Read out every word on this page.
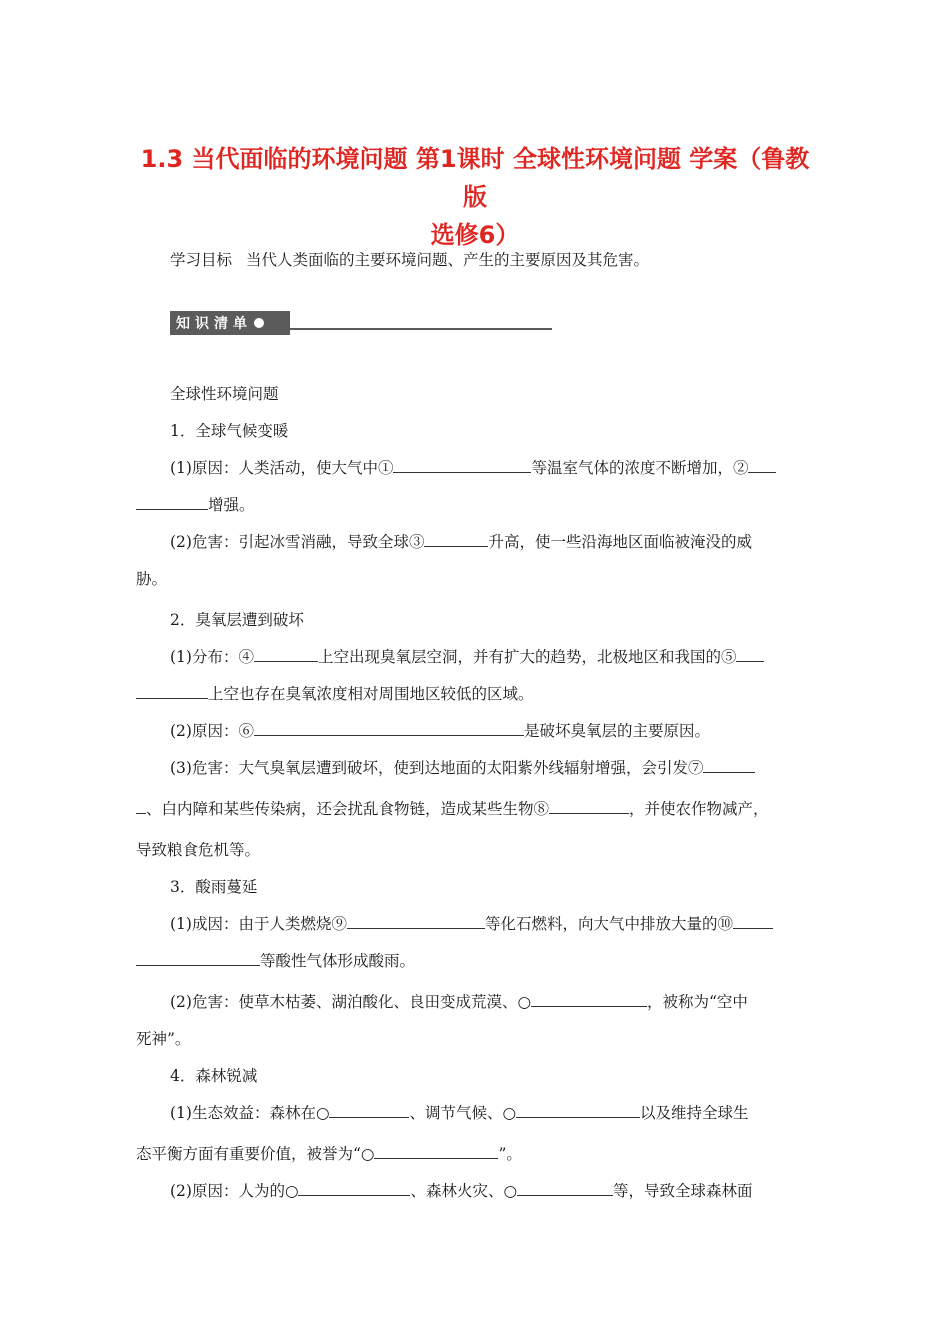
1.3 当代面临的环境问题 第1课时 全球性环境问题 学案（鲁教版
选修6）
学习目标 当代人类面临的主要环境问题、产生的主要原因及其危害。
知识清单
全球性环境问题
1．全球气候变暖
(1)原因：人类活动，使大气中①	等温室气体的浓度不断增加，②
增强。
(2)危害：引起冰雪消融，导致全球③	升高，使一些沿海地区面临被淹没的威
胁。
2．臭氧层遭到破坏
(1)分布：④	上空出现臭氧层空洞，并有扩大的趋势，北极地区和我国的⑤
上空也存在臭氧浓度相对周围地区较低的区域。
(2)原因：⑥	是破坏臭氧层的主要原因。
(3)危害：大气臭氧层遭到破坏，使到达地面的太阳紫外线辐射增强，会引发⑦
、白内障和某些传染病，还会扰乱食物链，造成某些生物⑧	，并使农作物减产，
导致粮食危机等。
3．酸雨蔓延
(1)成因：由于人类燃烧⑨	等化石燃料，向大气中排放大量的⑩
等酸性气体形成酸雨。
(2)危害：使草木枯萎、湖泊酸化、良田变成荒漠、○	，被称为“空中
死神”。
4．森林锐减
(1)生态效益：森林在○	、调节气候、○	以及维持全球生
态平衡方面有重要价值，被誉为“○	”。
(2)原因：人为的○	、森林火灾、○	等，导致全球森林面
